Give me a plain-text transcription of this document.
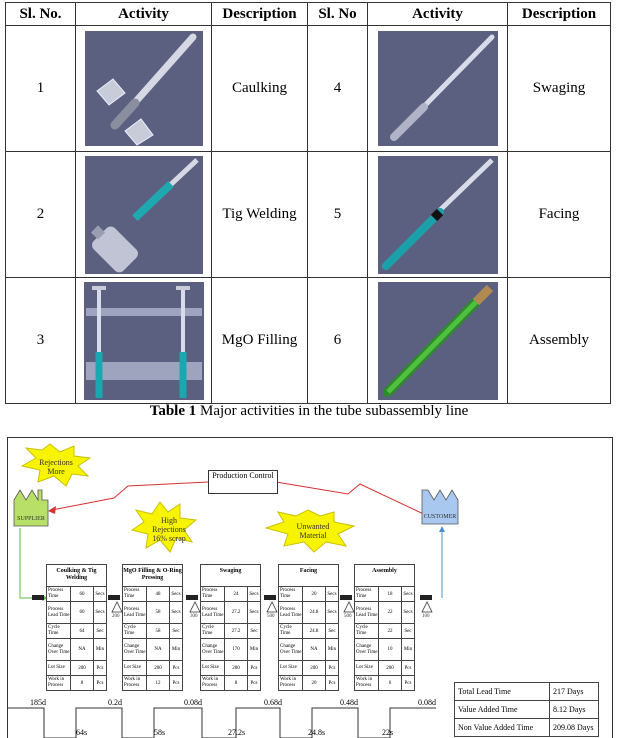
Sl. No.	Activity	Description	Sl. No	Activity	Description
1		Caulking	4		Swaging
2		Tig Welding	5		Facing
3		MgO Filling	6		Assembly
Table 1 Major activities in the tube subassembly line
Rejections More
High Rejections 16% scrap
Unwanted Material
Production Control
SUPPLIER	CUSTOMER
Coulking & Tig Welding
Process Time	60	Secs
Process Lead Time	60	Secs
Cycle Time	64	Sec
Change Over Time	NA	Min
Lot Size	200	Pcs
Work in Process	8	Pcs
MgO Filling & O-Ring Pressing
Process Time	48	Secs
Process Lead Time	58	Secs
Cycle Time	58	Sec
Change Over Time	NA	Min
Lot Size	200	Pcs
Work in Process	12	Pcs
Swaging
Process Time	24	Secs
Process Lead Time	27.2	Secs
Cycle Time	27.2	Sec
Change Over Time	170	Min
Lot Size	200	Pcs
Work in Process	8	Pcs
Facing
Process Time	20	Secs
Process Lead Time	24.8	Secs
Cycle Time	24.8	Sec
Change Over Time	NA	Min
Lot Size	200	Pcs
Work in Process	20	Pcs
Assembly
Process Time	18	Secs
Process Lead Time	22	Secs
Cycle Time	22	Sec
Change Over Time	10	Min
Lot Size	200	Pcs
Work in Process	6	Pcs
200	300	500	500	100
185d	0.2d	0.08d	0.68d	0.48d	0.08d
64s	58s	27.2s	24.8s	22s
Total Lead Time	217 Days
Value Added Time	8.12 Days
Non Value Added Time	209.08 Days
